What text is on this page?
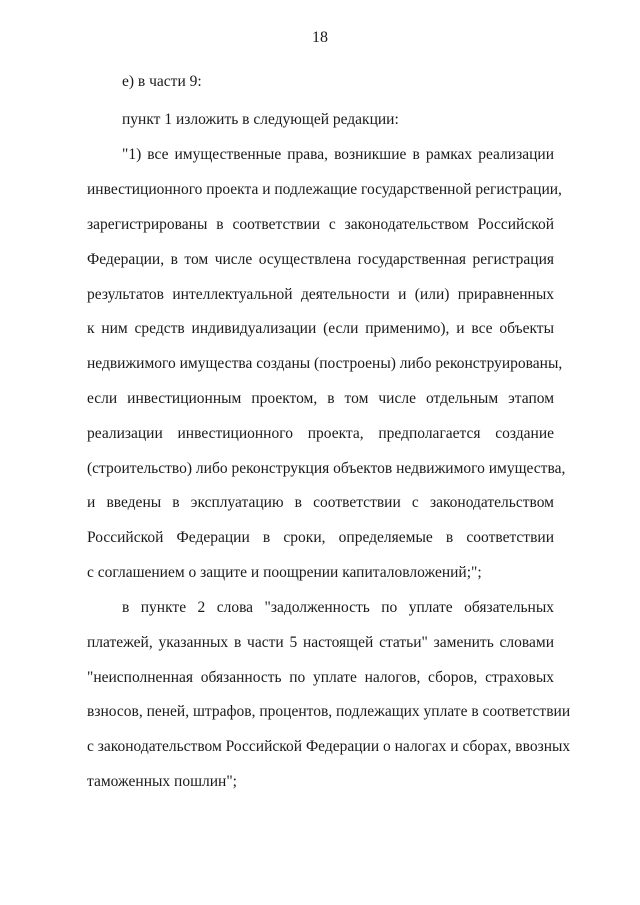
18
е) в части 9:
пункт 1 изложить в следующей редакции:
"1) все имущественные права, возникшие в рамках реализации
инвестиционного проекта и подлежащие государственной регистрации,
зарегистрированы в соответствии с законодательством Российской
Федерации, в том числе осуществлена государственная регистрация
результатов интеллектуальной деятельности и (или) приравненных
к ним средств индивидуализации (если применимо), и все объекты
недвижимого имущества созданы (построены) либо реконструированы,
если инвестиционным проектом, в том числе отдельным этапом
реализации инвестиционного проекта, предполагается создание
(строительство) либо реконструкция объектов недвижимого имущества,
и введены в эксплуатацию в соответствии с законодательством
Российской Федерации в сроки, определяемые в соответствии
с соглашением о защите и поощрении капиталовложений;";
в пункте 2 слова "задолженность по уплате обязательных
платежей, указанных в части 5 настоящей статьи" заменить словами
"неисполненная обязанность по уплате налогов, сборов, страховых
взносов, пеней, штрафов, процентов, подлежащих уплате в соответствии
с законодательством Российской Федерации о налогах и сборах, ввозных
таможенных пошлин";
